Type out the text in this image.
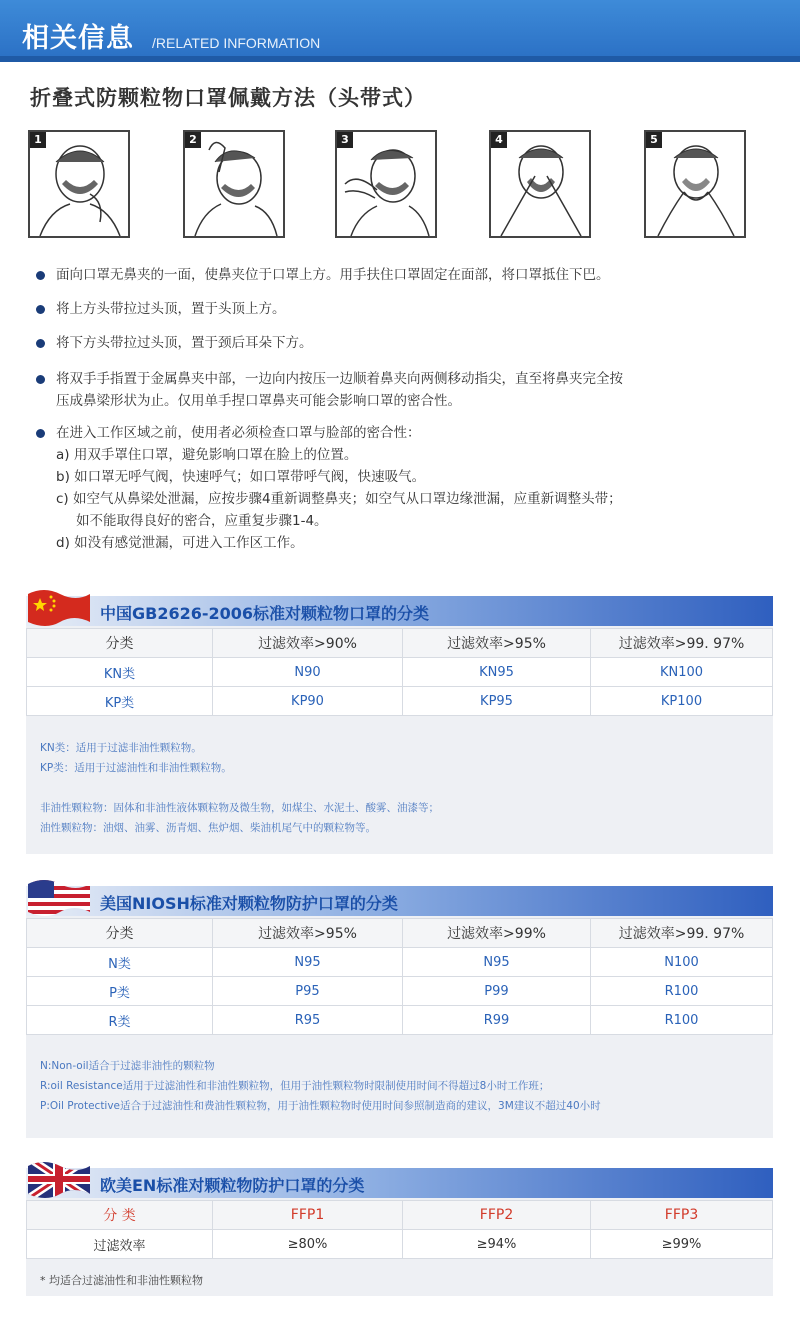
相关信息 /RELATED INFORMATION
折叠式防颗粒物口罩佩戴方法（头带式）
1	2	3	4	5
面向口罩无鼻夹的一面，使鼻夹位于口罩上方。用手扶住口罩固定在面部，将口罩抵住下巴。
将上方头带拉过头顶，置于头顶上方。
将下方头带拉过头顶，置于颈后耳朵下方。
将双手手指置于金属鼻夹中部，一边向内按压一边顺着鼻夹向两侧移动指尖，直至将鼻夹完全按
压成鼻梁形状为止。仅用单手捏口罩鼻夹可能会影响口罩的密合性。
在进入工作区域之前，使用者必须检查口罩与脸部的密合性：
a) 用双手罩住口罩，避免影响口罩在脸上的位置。
b) 如口罩无呼气阀，快速呼气；如口罩带呼气阀，快速吸气。
c) 如空气从鼻梁处泄漏，应按步骤4重新调整鼻夹；如空气从口罩边缘泄漏，应重新调整头带；
如不能取得良好的密合，应重复步骤1-4。
d) 如没有感觉泄漏，可进入工作区工作。
中国GB2626-2006标准对颗粒物口罩的分类
分类	过滤效率>90%	过滤效率>95%	过滤效率>99. 97%
KN类	N90	KN95	KN100
KP类	KP90	KP95	KP100
KN类：适用于过滤非油性颗粒物。
KP类：适用于过滤油性和非油性颗粒物。
非油性颗粒物：固体和非油性液体颗粒物及微生物，如煤尘、水泥土、酸雾、油漆等；
油性颗粒物：油烟、油雾、沥青烟、焦炉烟、柴油机尾气中的颗粒物等。
美国NIOSH标准对颗粒物防护口罩的分类
分类	过滤效率>95%	过滤效率>99%	过滤效率>99. 97%
N类	N95	N95	N100
P类	P95	P99	R100
R类	R95	R99	R100
N:Non-oil适合于过滤非油性的颗粒物
R:oil Resistance适用于过滤油性和非油性颗粒物，但用于油性颗粒物时限制使用时间不得超过8小时工作班；
P:Oil Protective适合于过滤油性和费油性颗粒物，用于油性颗粒物时使用时间参照制造商的建议，3M建议不超过40小时
欧美EN标准对颗粒物防护口罩的分类
分 类	FFP1	FFP2	FFP3
过滤效率	≥80%	≥94%	≥99%
* 均适合过滤油性和非油性颗粒物
